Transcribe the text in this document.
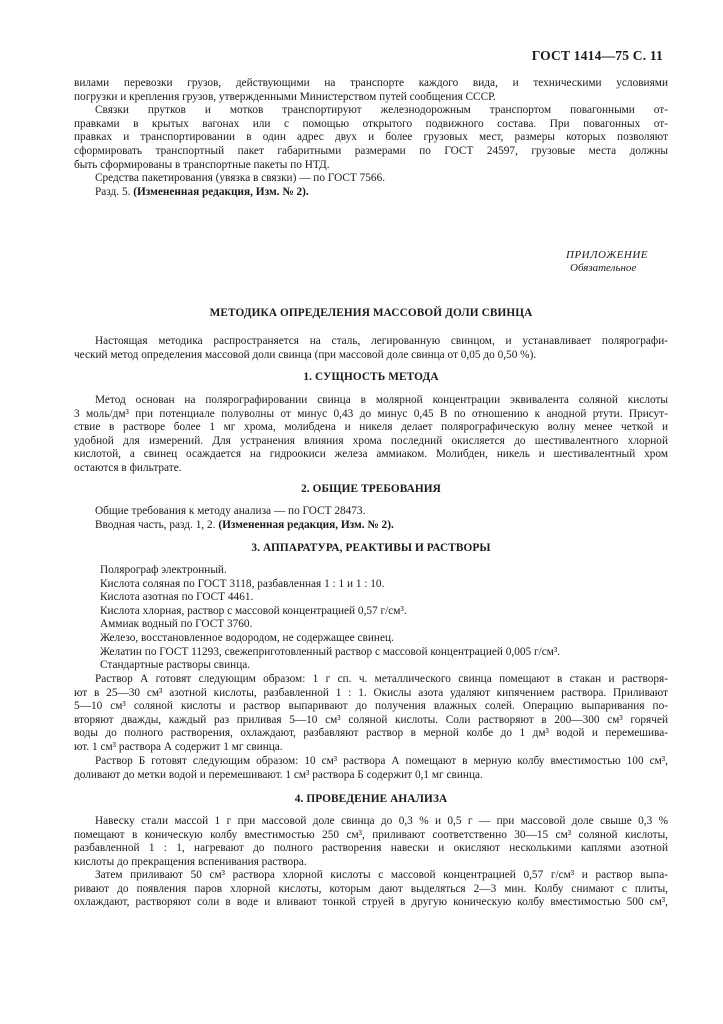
ГОСТ 1414—75 С. 11
вилами перевозки грузов, действующими на транспорте каждого вида, и техническими условиями
погрузки и крепления грузов, утвержденными Министерством путей сообщения СССР.
Связки прутков и мотков транспортируют железнодорожным транспортом повагонными от-
правками в крытых вагонах или с помощью открытого подвижного состава. При повагонных от-
правках и транспортировании в один адрес двух и более грузовых мест, размеры которых позволяют
сформировать транспортный пакет габаритными размерами по ГОСТ 24597, грузовые места должны
быть сформированы в транспортные пакеты по НТД.
Средства пакетирования (увязка в связки) — по ГОСТ 7566.
Разд. 5. (Измененная редакция, Изм. № 2).
ПРИЛОЖЕНИЕ
Обязательное
МЕТОДИКА ОПРЕДЕЛЕНИЯ МАССОВОЙ ДОЛИ СВИНЦА
Настоящая методика распространяется на сталь, легированную свинцом, и устанавливает полярографи-
ческий метод определения массовой доли свинца (при массовой доле свинца от 0,05 до 0,50 %).
1. СУЩНОСТЬ МЕТОДА
Метод основан на полярографировании свинца в молярной концентрации эквивалента соляной кислоты
3 моль/дм³ при потенциале полуволны от минус 0,43 до минус 0,45 В по отношению к анодной ртути. Присут-
ствие в растворе более 1 мг хрома, молибдена и никеля делает полярографическую волну менее четкой и
удобной для измерений. Для устранения влияния хрома последний окисляется до шестивалентного хлорной
кислотой, а свинец осаждается на гидроокиси железа аммиаком. Молибден, никель и шестивалентный хром
остаются в фильтрате.
2. ОБЩИЕ ТРЕБОВАНИЯ
Общие требования к методу анализа — по ГОСТ 28473.
Вводная часть, разд. 1, 2. (Измененная редакция, Изм. № 2).
3. АППАРАТУРА, РЕАКТИВЫ И РАСТВОРЫ
Полярограф электронный.
Кислота соляная по ГОСТ 3118, разбавленная 1 : 1 и 1 : 10.
Кислота азотная по ГОСТ 4461.
Кислота хлорная, раствор с массовой концентрацией 0,57 г/см³.
Аммиак водный по ГОСТ 3760.
Железо, восстановленное водородом, не содержащее свинец.
Желатин по ГОСТ 11293, свежеприготовленный раствор с массовой концентрацией 0,005 г/см³.
Стандартные растворы свинца.
Раствор А готовят следующим образом: 1 г сп. ч. металлического свинца помещают в стакан и растворя-
ют в 25—30 см³ азотной кислоты, разбавленной 1 : 1. Окислы азота удаляют кипячением раствора. Приливают
5—10 см³ соляной кислоты и раствор выпаривают до получения влажных солей. Операцию выпаривания по-
вторяют дважды, каждый раз приливая 5—10 см³ соляной кислоты. Соли растворяют в 200—300 см³ горячей
воды до полного растворения, охлаждают, разбавляют раствор в мерной колбе до 1 дм³ водой и перемешива-
ют. 1 см³ раствора А содержит 1 мг свинца.
Раствор Б готовят следующим образом: 10 см³ раствора А помещают в мерную колбу вместимостью 100 см³,
доливают до метки водой и перемешивают. 1 см³ раствора Б содержит 0,1 мг свинца.
4. ПРОВЕДЕНИЕ АНАЛИЗА
Навеску стали массой 1 г при массовой доле свинца до 0,3 % и 0,5 г — при массовой доле свыше 0,3 %
помещают в коническую колбу вместимостью 250 см³, приливают соответственно 30—15 см³ соляной кислоты,
разбавленной 1 : 1, нагревают до полного растворения навески и окисляют несколькими каплями азотной
кислоты до прекращения вспенивания раствора.
Затем приливают 50 см³ раствора хлорной кислоты с массовой концентрацией 0,57 г/см³ и раствор выпа-
ривают до появления паров хлорной кислоты, которым дают выделяться 2—3 мин. Колбу снимают с плиты,
охлаждают, растворяют соли в воде и вливают тонкой струей в другую коническую колбу вместимостью 500 см³,
